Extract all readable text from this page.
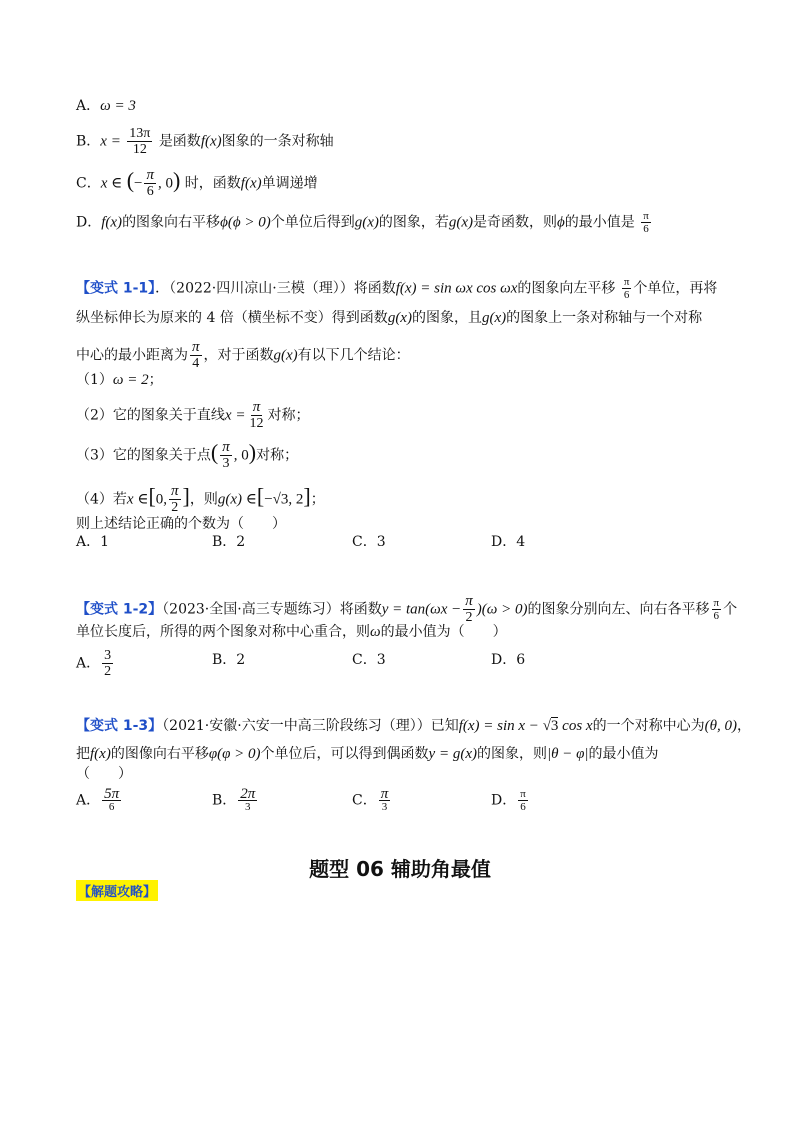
A．ω = 3
B．$x = \frac{13\pi}{12}$ 是函数f(x)图象的一条对称轴
C．x ∈ (− $\frac{\pi}{6}$ , 0) 时，函数f(x)单调递增
D．f(x)的图象向右平移ϕ(ϕ > 0)个单位后得到g(x)的图象，若g(x)是奇函数，则ϕ的最小值是 $\frac{\pi}{6}$
【变式 1-1】．（2022·四川凉山·三模（理））将函数f(x) = sin ωx cos ωx的图象向左平移 $\frac{\pi}{6}$ 个单位，再将
纵坐标伸长为原来的 4 倍（横坐标不变）得到函数g(x)的图象，且g(x)的图象上一条对称轴与一个对称
中心的最小距离为 $\frac{\pi}{4}$ ，对于函数g(x)有以下几个结论：
（1）ω = 2；
（2）它的图象关于直线$x = \frac{\pi}{12}$ 对称；
（3）它的图象关于点( $\frac{\pi}{3}$ , 0)对称；
（4）若x ∈[0, $\frac{\pi}{2}$ ]，则g(x) ∈[−√3, 2]；
则上述结论正确的个数为（　　）
A．1	B．2	C．3	D．4
【变式 1-2】（2023·全国·高三专题练习）将函数$y = \tan(\omega x - \frac{\pi}{2} )(\omega > 0)$的图象分别向左、向右各平移 $\frac{\pi}{6}$ 个
单位长度后，所得的两个图象对称中心重合，则ω的最小值为（　　）
A． $\frac{3}{2}$	B．2	C．3	D．6
【变式 1-3】（2021·安徽·六安一中高三阶段练习（理））已知f(x) = sin x − √3 cos x的一个对称中心为(θ, 0)，
把f(x)的图像向右平移φ(φ > 0)个单位后，可以得到偶函数y = g(x)的图象，则|θ − φ|的最小值为
（　　）
A． $\frac{5\pi}{6}$	B． $\frac{2\pi}{3}$	C． $\frac{\pi}{3}$	D． $\frac{\pi}{6}$
题型 06 辅助角最值
【解题攻略】
